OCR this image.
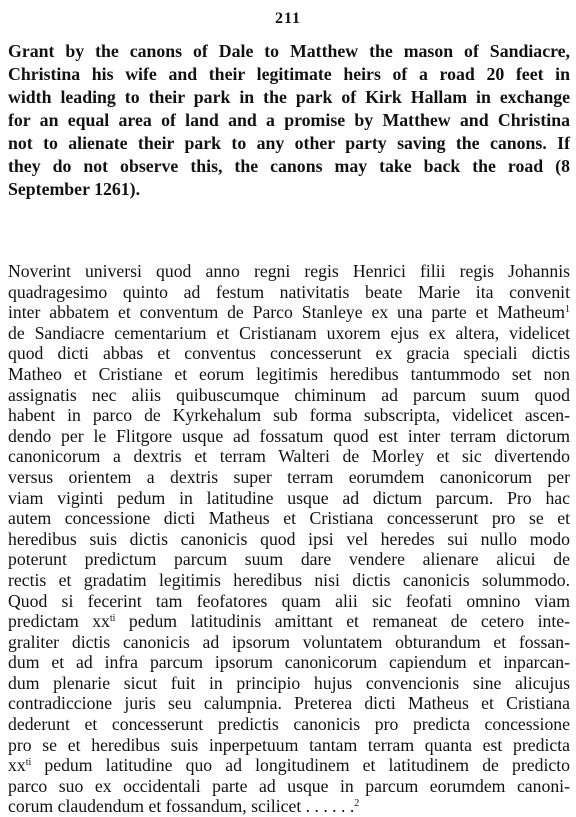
211
Grant by the canons of Dale to Matthew the mason of Sandiacre,
Christina his wife and their legitimate heirs of a road 20 feet in
width leading to their park in the park of Kirk Hallam in exchange
for an equal area of land and a promise by Matthew and Christina
not to alienate their park to any other party saving the canons. If
they do not observe this, the canons may take back the road (8
September 1261).
Noverint universi quod anno regni regis Henrici filii regis Johannis
quadragesimo quinto ad festum nativitatis beate Marie ita convenit
inter abbatem et conventum de Parco Stanleye ex una parte et Matheum$^1$
de Sandiacre cementarium et Cristianam uxorem ejus ex altera, videlicet
quod dicti abbas et conventus concesserunt ex gracia speciali dictis
Matheo et Cristiane et eorum legitimis heredibus tantummodo set non
assignatis nec aliis quibuscumque chiminum ad parcum suum quod
habent in parco de Kyrkehalum sub forma subscripta, videlicet ascen-
dendo per le Flitgore usque ad fossatum quod est inter terram dictorum
canonicorum a dextris et terram Walteri de Morley et sic divertendo
versus orientem a dextris super terram eorumdem canonicorum per
viam viginti pedum in latitudine usque ad dictum parcum. Pro hac
autem concessione dicti Matheus et Cristiana concesserunt pro se et
heredibus suis dictis canonicis quod ipsi vel heredes sui nullo modo
poterunt predictum parcum suum dare vendere alienare alicui de
rectis et gradatim legitimis heredibus nisi dictis canonicis solummodo.
Quod si fecerint tam feofatores quam alii sic feofati omnino viam
predictam $xx^{ti}$ pedum latitudinis amittant et remaneat de cetero inte-
graliter dictis canonicis ad ipsorum voluntatem obturandum et fossan-
dum et ad infra parcum ipsorum canonicorum capiendum et inparcan-
dum plenarie sicut fuit in principio hujus convencionis sine alicujus
contradiccione juris seu calumpnia. Preterea dicti Matheus et Cristiana
dederunt et concesserunt predictis canonicis pro predicta concessione
pro se et heredibus suis inperpetuum tantam terram quanta est predicta
$xx^{ti}$ pedum latitudine quo ad longitudinem et latitudinem de predicto
parco suo ex occidentali parte ad usque in parcum eorumdem canoni-
corum claudendum et fossandum, scilicet . . . . . .$^2$
